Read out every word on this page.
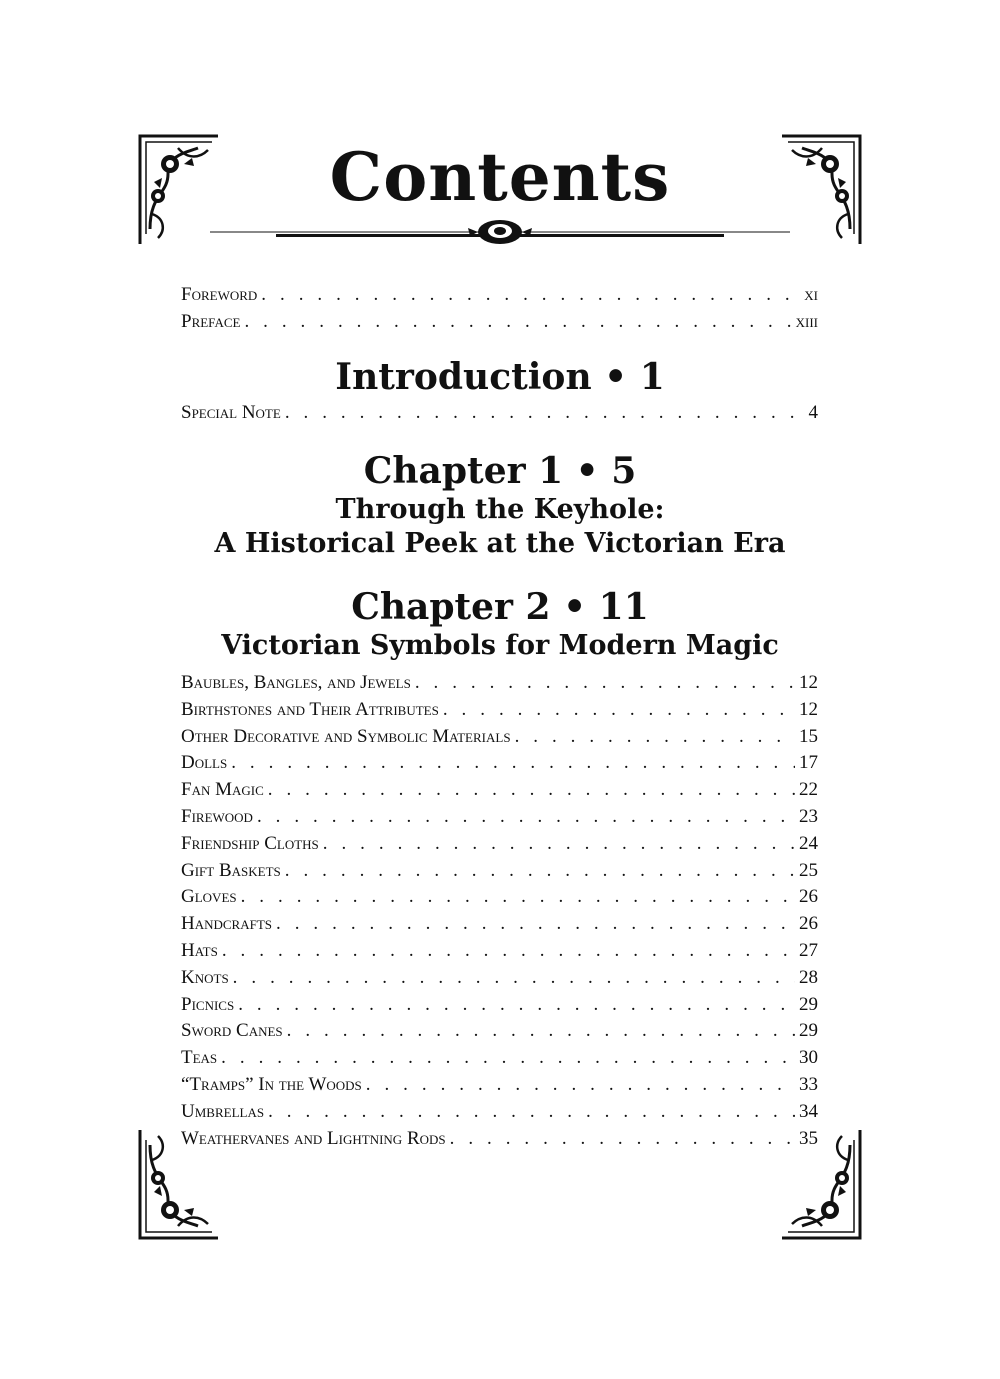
Contents
Foreword . . .	xi
Preface . . .	xiii
Introduction • 1
Special Note . . .	4
Chapter 1 • 5
Through the Keyhole:
A Historical Peek at the Victorian Era
Chapter 2 • 11
Victorian Symbols for Modern Magic
Baubles, Bangles, and Jewels . . .	12
Birthstones and Their Attributes . . .	12
Other Decorative and Symbolic Materials . . .	15
Dolls . . .	17
Fan Magic . . .	22
Firewood . . .	23
Friendship Cloths . . .	24
Gift Baskets . . .	25
Gloves . . .	26
Handcrafts . . .	26
Hats . . .	27
Knots . . .	28
Picnics . . .	29
Sword Canes . . .	29
Teas . . .	30
“Tramps” In the Woods . . .	33
Umbrellas . . .	34
Weathervanes and Lightning Rods . . .	35
